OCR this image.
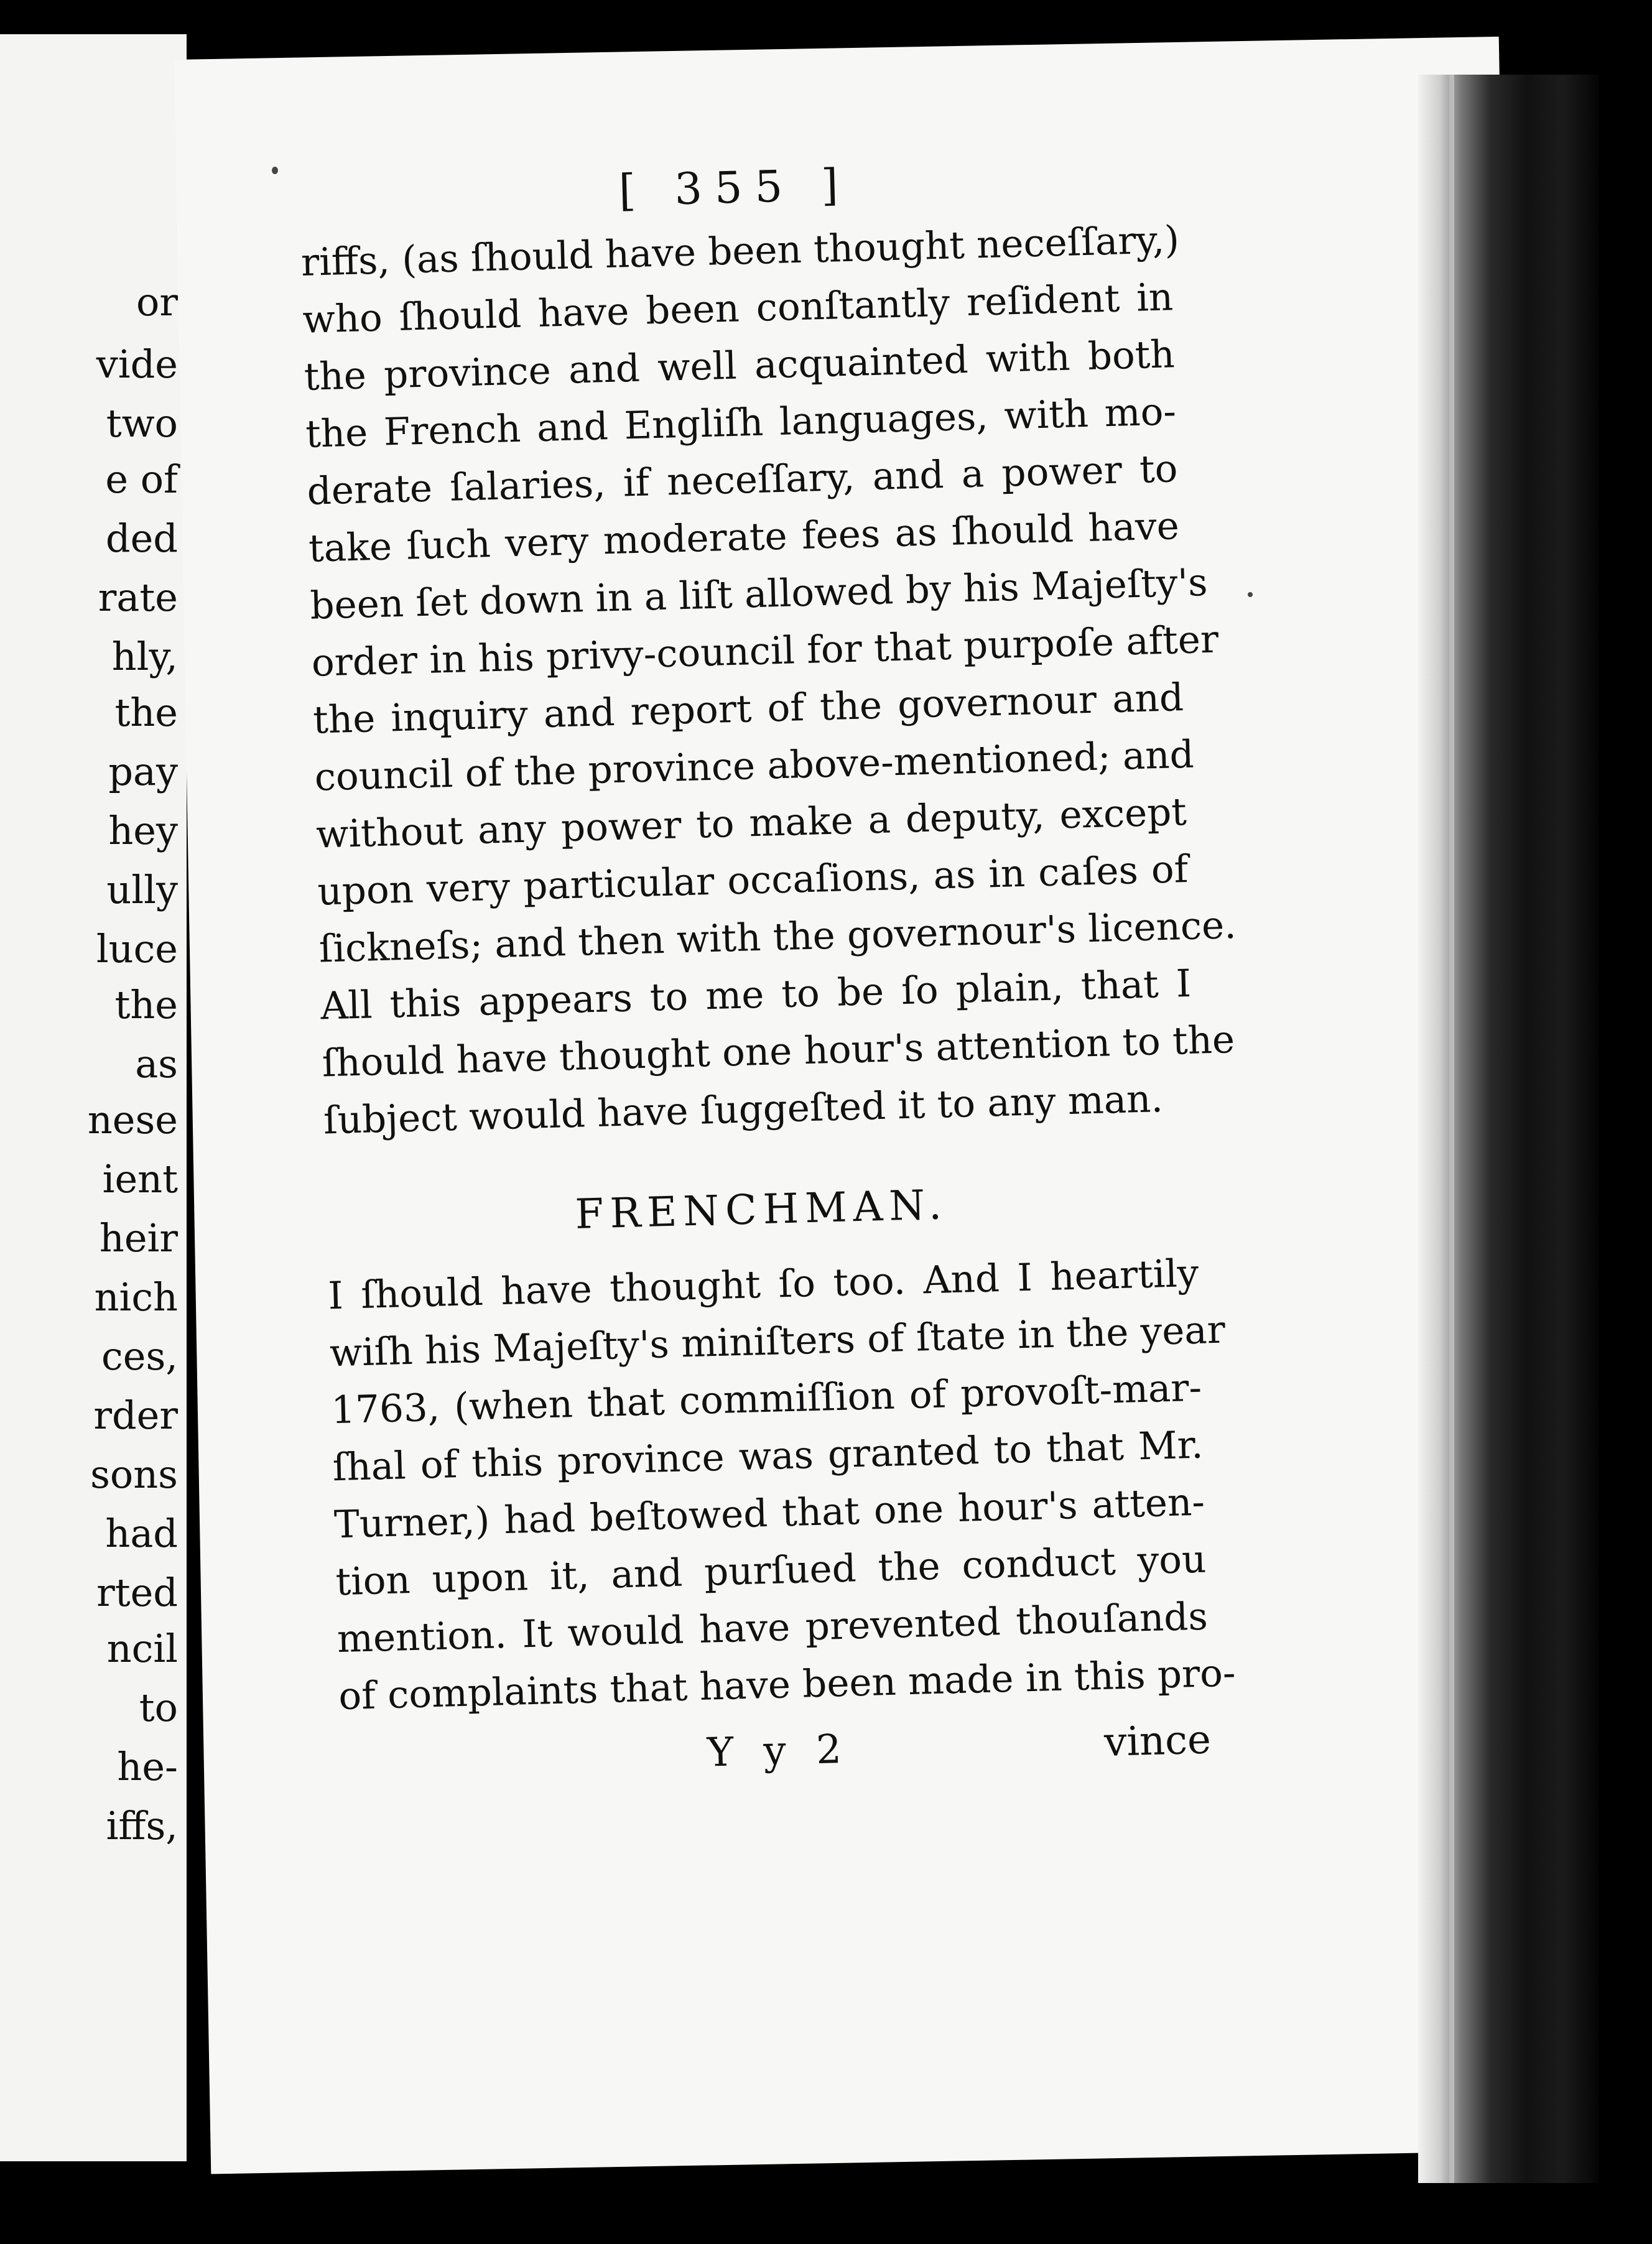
or
vide
two
e of
ded
rate
hly,
the
pay
hey
ully
luce
the
as
nese
ient
heir
nich
ces,
rder
sons
had
rted
ncil
to
he-
iffs,
[ 355 ]
riffs, (as ſhould have been thought neceſſary,)
who ſhould have been conſtantly reſident in
the province and well acquainted with both
the French and Engliſh languages, with mo-
derate ſalaries, if neceſſary, and a power to
take ſuch very moderate fees as ſhould have
been ſet down in a liſt allowed by his Majeſty's
order in his privy-council for that purpoſe after
the inquiry and report of the governour and
council of the province above-mentioned; and
without any power to make a deputy, except
upon very particular occaſions, as in caſes of
ſickneſs; and then with the governour's licence.
All this appears to me to be ſo plain, that I
ſhould have thought one hour's attention to the
ſubject would have ſuggeſted it to any man.
FRENCHMAN.
I ſhould have thought ſo too. And I heartily
wiſh his Majeſty's miniſters of ſtate in the year
1763, (when that commiſſion of provoſt-mar-
ſhal of this province was granted to that Mr.
Turner,) had beſtowed that one hour's atten-
tion upon it, and purſued the conduct you
mention. It would have prevented thouſands
of complaints that have been made in this pro-
Y y 2	vince
